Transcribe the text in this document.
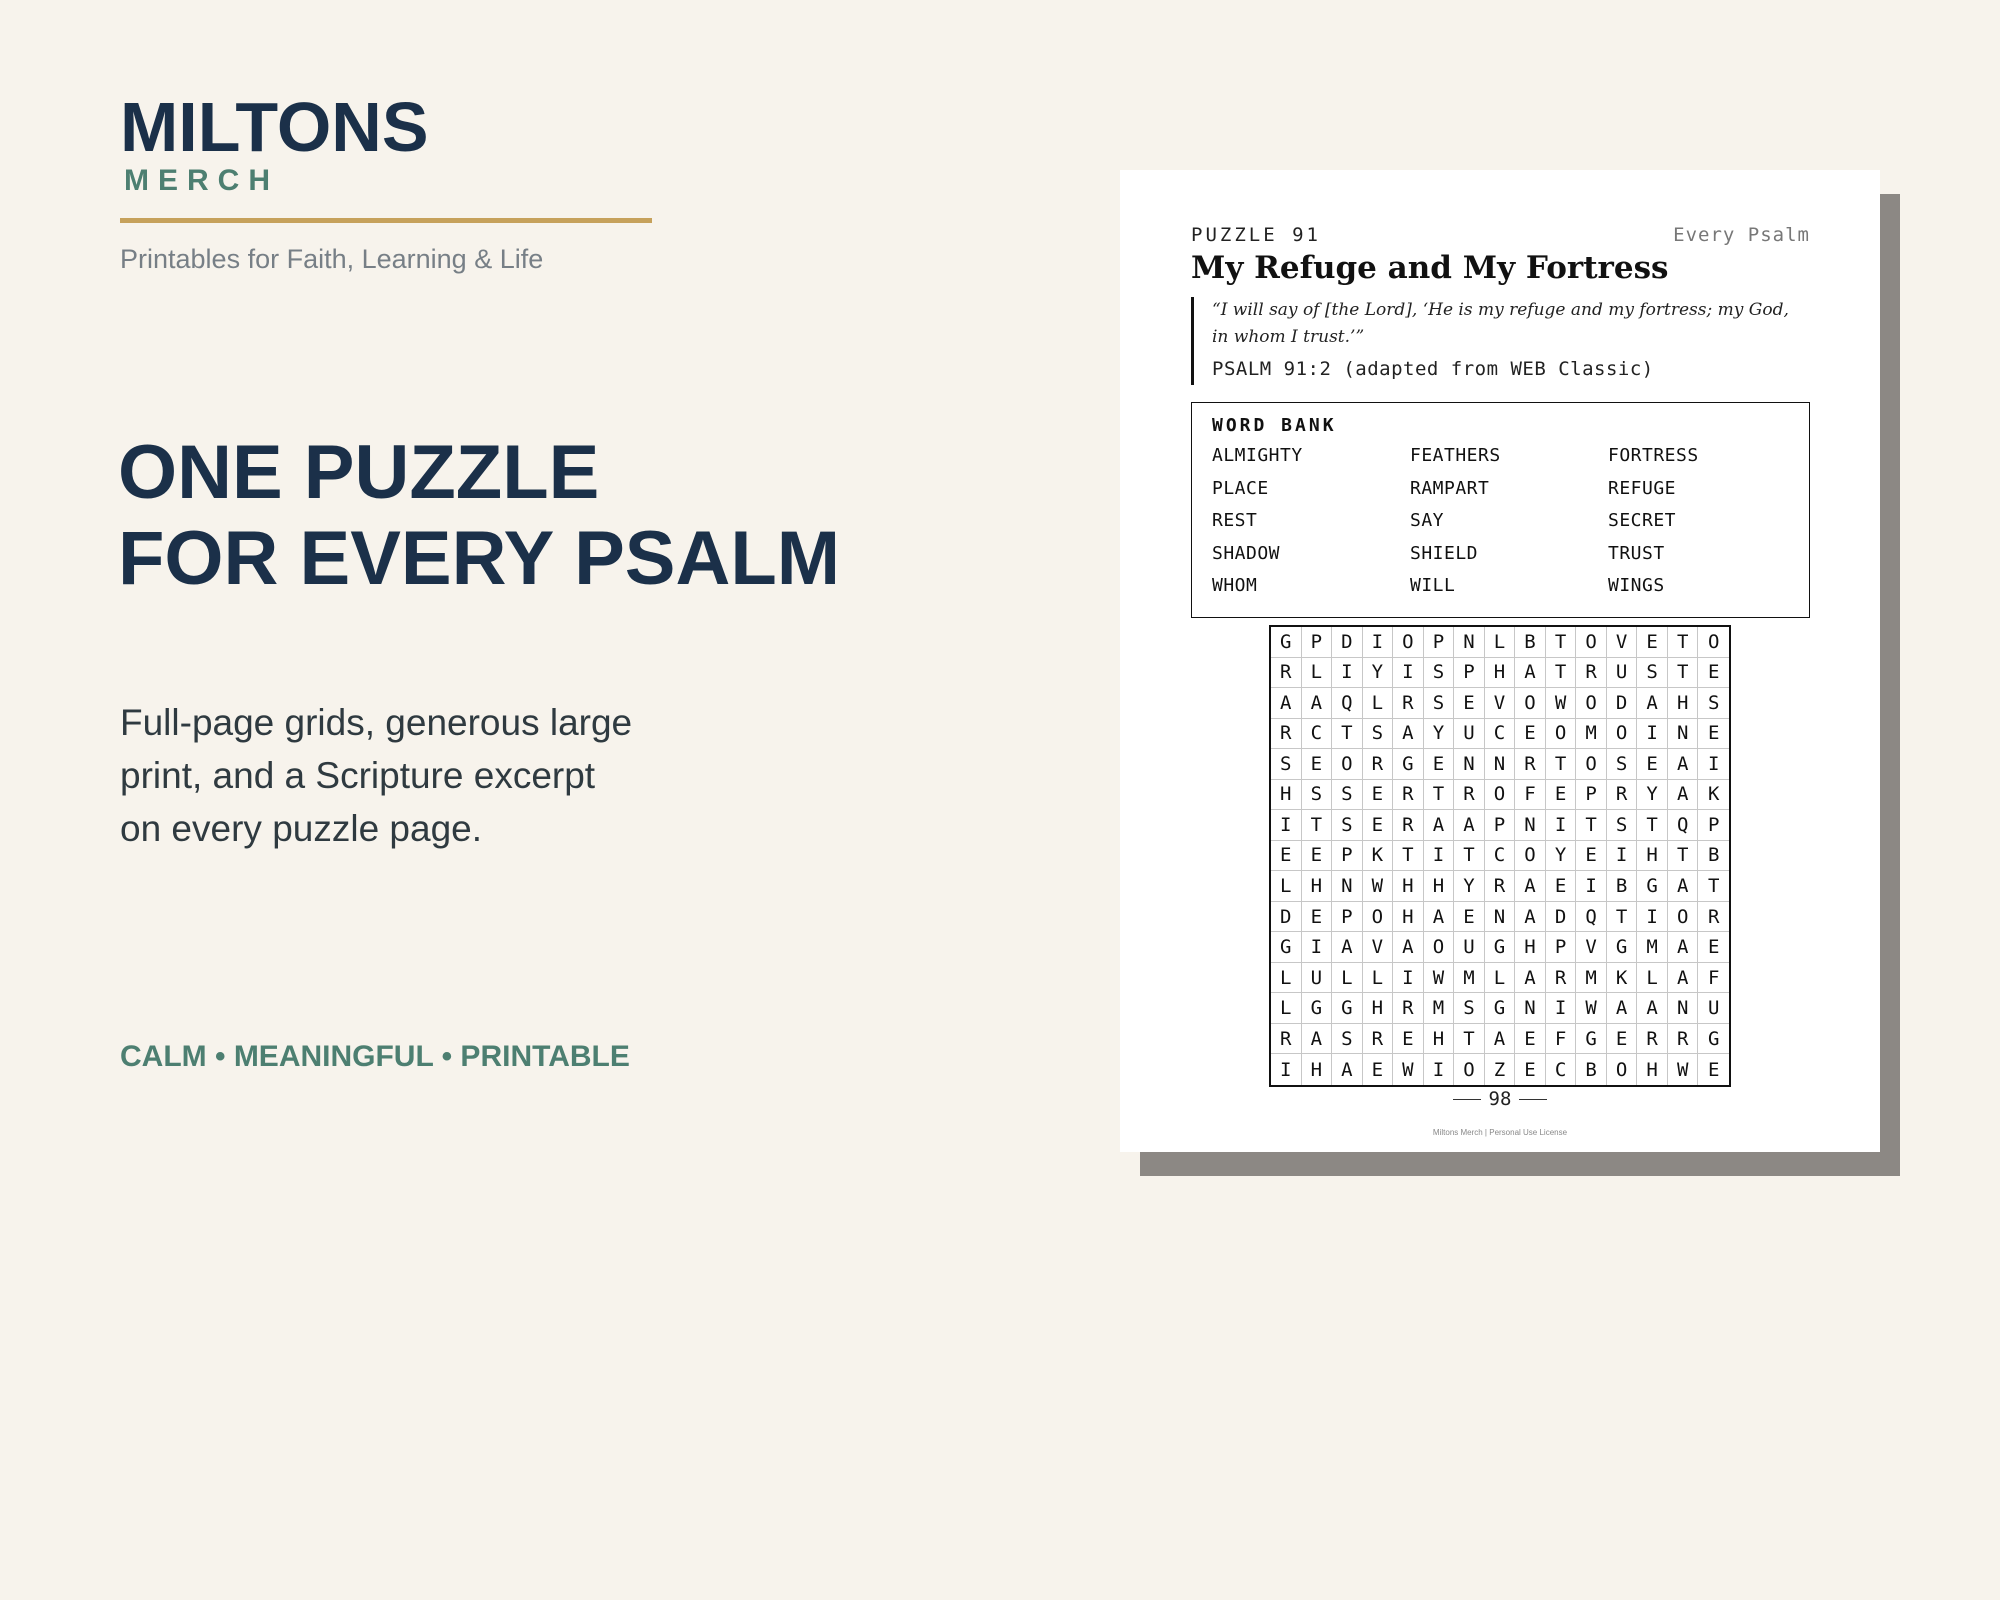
MILTONS
MERCH
Printables for Faith, Learning & Life
ONE PUZZLE
FOR EVERY PSALM
Full-page grids, generous large
print, and a Scripture excerpt
on every puzzle page.
CALM • MEANINGFUL • PRINTABLE
PUZZLE 91	Every Psalm
My Refuge and My Fortress
“I will say of [the Lord], ‘He is my refuge and my fortress; my God, in whom I trust.’”
PSALM 91:2 (adapted from WEB Classic)
WORD BANK
ALMIGHTY	FEATHERS	FORTRESS
PLACE	RAMPART	REFUGE
REST	SAY	SECRET
SHADOW	SHIELD	TRUST
WHOM	WILL	WINGS
G	P	D	I	O	P	N	L	B	T	O	V	E	T	O
R	L	I	Y	I	S	P	H	A	T	R	U	S	T	E
A	A	Q	L	R	S	E	V	O	W	O	D	A	H	S
R	C	T	S	A	Y	U	C	E	O	M	O	I	N	E
S	E	O	R	G	E	N	N	R	T	O	S	E	A	I
H	S	S	E	R	T	R	O	F	E	P	R	Y	A	K
I	T	S	E	R	A	A	P	N	I	T	S	T	Q	P
E	E	P	K	T	I	T	C	O	Y	E	I	H	T	B
L	H	N	W	H	H	Y	R	A	E	I	B	G	A	T
D	E	P	O	H	A	E	N	A	D	Q	T	I	O	R
G	I	A	V	A	O	U	G	H	P	V	G	M	A	E
L	U	L	L	I	W	M	L	A	R	M	K	L	A	F
L	G	G	H	R	M	S	G	N	I	W	A	A	N	U
R	A	S	R	E	H	T	A	E	F	G	E	R	R	G
I	H	A	E	W	I	O	Z	E	C	B	O	H	W	E
98
Miltons Merch | Personal Use License
